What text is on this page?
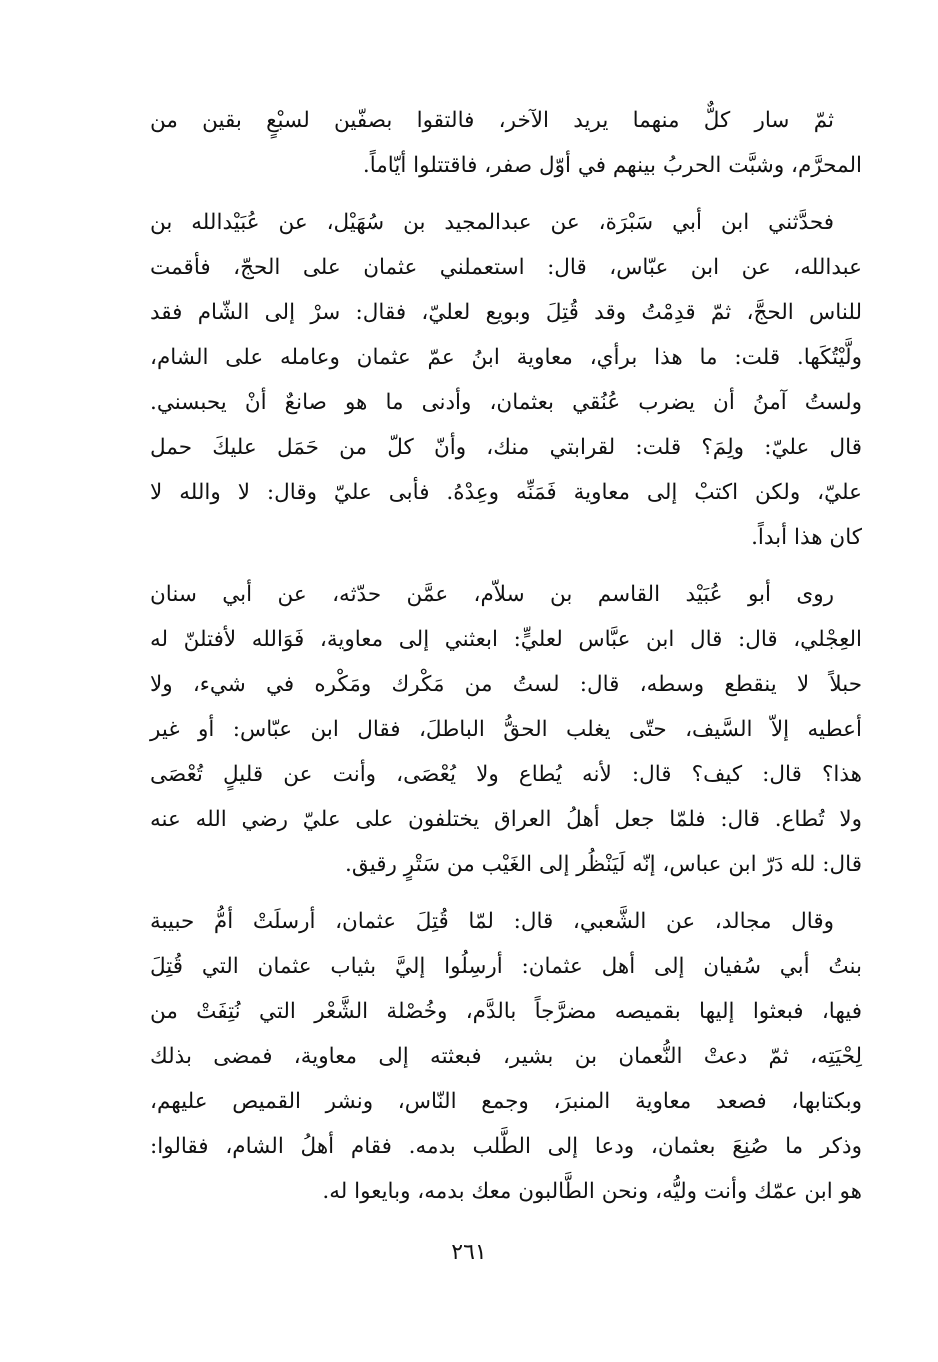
ثمّ سار كلٌّ منهما يريد الآخر، فالتقوا بصفّين لسبْعٍ بقين من
المحرَّم، وشبَّت الحربُ بينهم في أوّل صفر، فاقتتلوا أيّاماً.
فحدَّثني ابن أبي سَبْرَة، عن عبدالمجيد بن سُهَيْل، عن عُبَيْدالله بن
عبدالله، عن ابن عبّاس، قال: استعملني عثمان على الحجّ، فأقمت
للناس الحجَّ، ثمّ قدِمْتُ وقد قُتِلَ وبويع لعليّ، فقال: سرْ إلى الشّام فقد
ولَّيْتُكَها. قلت: ما هذا برأي، معاوية ابنُ عمّ عثمان وعامله على الشام،
ولستُ آمنُ أن يضرب عُنُقي بعثمان، وأدنى ما هو صانعٌ أنْ يحبسني.
قال عليّ: ولِمَ؟ قلت: لقرابتي منك، وأنّ كلّ من حَمَل عليكَ حمل
عليّ، ولكن اكتبْ إلى معاوية فَمَنِّه وعِدْهُ. فأبى عليّ وقال: لا والله لا
كان هذا أبداً.
روى أبو عُبَيْد القاسم بن سلاّم، عمَّن حدّثه، عن أبي سنان
العِجْلي، قال: قال ابن عبَّاس لعليٍّ: ابعثني إلى معاوية، فَوَالله لأفتلنّ له
حبلاً لا ينقطع وسطه، قال: لستُ من مَكْرك ومَكْره في شيء، ولا
أعطيه إلاّ السَّيف، حتّى يغلب الحقُّ الباطلَ، فقال ابن عبّاس: أو غير
هذا؟ قال: كيف؟ قال: لأنه يُطاع ولا يُعْصَى، وأنت عن قليلٍ تُعْصَى
ولا تُطاع. قال: فلمّا جعل أهلُ العراق يختلفون على عليّ رضي الله عنه
قال: لله دَرّ ابن عباس، إنّه لَيَنْظُر إلى الغَيْب من سَتْرٍ رقيق.
وقال مجالد، عن الشَّعبي، قال: لمّا قُتِلَ عثمان، أرسلَتْ أمُّ حبيبة
بنتُ أبي سُفيان إلى أهل عثمان: أرسِلُوا إليَّ بثياب عثمان التي قُتِلَ
فيها، فبعثوا إليها بقميصه مضرَّجاً بالدَّم، وخُصْلة الشَّعْر التي نُتِفَتْ من
لِحْيَتِه، ثمّ دعتْ النُّعمان بن بشير، فبعثته إلى معاوية، فمضى بذلك
وبكتابها، فصعد معاوية المنبرَ، وجمع النّاس، ونشر القميص عليهم،
وذكر ما صُنِعَ بعثمان، ودعا إلى الطَّلب بدمه. فقام أهلُ الشام، فقالوا:
هو ابن عمّك وأنت وليُّه، ونحن الطَّالبون معك بدمه، وبايعوا له.
٢٦١
